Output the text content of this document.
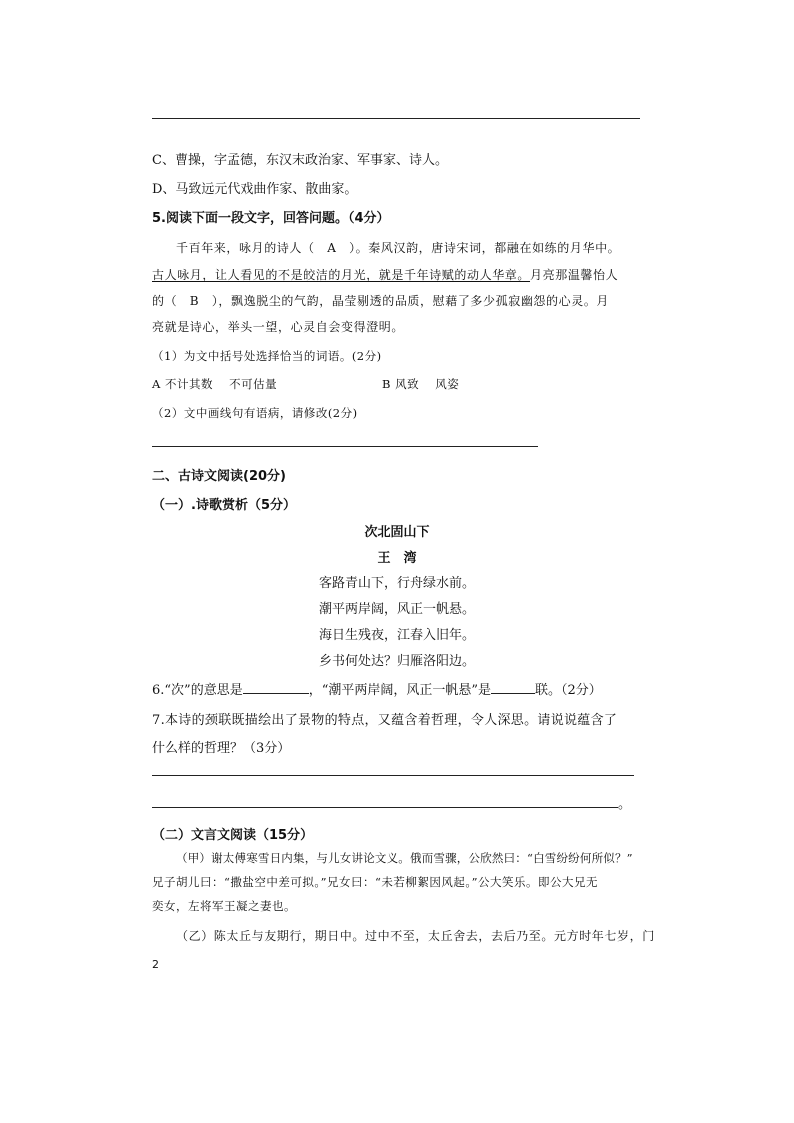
C、曹操，字孟德，东汉末政治家、军事家、诗人。
D、马致远元代戏曲作家、散曲家。
5.阅读下面一段文字，回答问题。（4分）
千百年来，咏月的诗人（　A　）。秦风汉韵，唐诗宋词，都融在如练的月华中。
古人咏月，让人看见的不是皎洁的月光，就是千年诗赋的动人华章。月亮那温馨怡人
的（　B　），飘逸脱尘的气韵，晶莹剔透的品质，慰藉了多少孤寂幽怨的心灵。月
亮就是诗心，举头一望，心灵自会变得澄明。
（1）为文中括号处选择恰当的词语。(2分)
A 不计其数　 不可估量	B 风致　 风姿
（2）文中画线句有语病，请修改(2分)
二、古诗文阅读(20分)
（一）.诗歌赏析（5分）
次北固山下
王　湾
客路青山下，行舟绿水前。
潮平两岸阔，风正一帆悬。
海日生残夜，江春入旧年。
乡书何处达？归雁洛阳边。
6.“次”的意思是	，“潮平两岸阔，风正一帆悬”是	联。（2分）
7.本诗的颈联既描绘出了景物的特点，又蕴含着哲理，令人深思。请说说蕴含了
什么样的哲理？（3分）
。
（二）文言文阅读（15分）
（甲）谢太傅寒雪日内集，与儿女讲论文义。俄而雪骤，公欣然曰：“白雪纷纷何所似？”
兄子胡儿曰：“撒盐空中差可拟。”兄女曰：“未若柳絮因风起。”公大笑乐。即公大兄无
奕女，左将军王凝之妻也。
（乙）陈太丘与友期行，期日中。过中不至，太丘舍去，去后乃至。元方时年七岁，门
2
